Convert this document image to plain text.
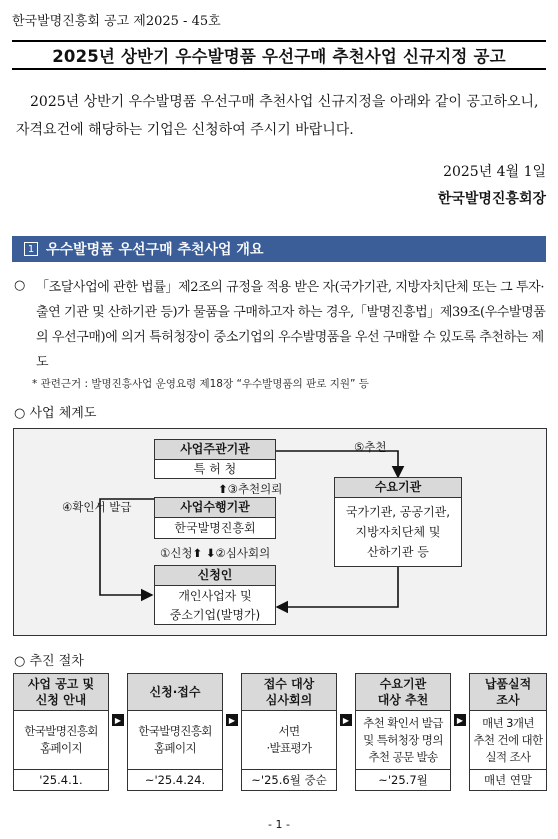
한국발명진흥회 공고 제2025 - 45호
2025년 상반기 우수발명품 우선구매 추천사업 신규지정 공고
2025년 상반기 우수발명품 우선구매 추천사업 신규지정을 아래와 같이 공고하오니, 자격요건에 해당하는 기업은 신청하여 주시기 바랍니다.
2025년 4월 1일
한국발명진흥회장
1 우수발명품 우선구매 추천사업 개요
○ 「조달사업에 관한 법률」제2조의 규정을 적용 받은 자(국가기관, 지방자치단체 또는 그 투자·출연 기관 및 산하기관 등)가 물품을 구매하고자 하는 경우,「발명진흥법」제39조(우수발명품의 우선구매)에 의거 특허청장이 중소기업의 우수발명품을 우선 구매할 수 있도록 추천하는 제도
* 관련근거 : 발명진흥사업 운영요령 제18장 “우수발명품의 판로 지원” 등
○ 사업 체계도
사업주관기관
특 허 청
⑤추천
⬆③추천의뢰
④확인서 발급	사업수행기관
한국발명진흥회
①신청⬆ ⬇②심사회의
신청인
개인사업자 및
중소기업(발명가)
수요기관
국가기관, 공공기관,
지방자치단체 및
산하기관 등
○ 추진 절차
사업 공고 및
신청 안내
한국발명진흥회
홈페이지
'25.4.1.
▶
신청·접수
한국발명진흥회
홈페이지
~'25.4.24.
▶
접수 대상
심사회의
서면
·발표평가
~'25.6월 중순
▶
수요기관
대상 추천
추천 확인서 발급
및 특허청장 명의
추천 공문 발송
~'25.7월
▶
납품실적
조사
매년 3개년
추천 건에 대한
실적 조사
매년 연말
- 1 -
